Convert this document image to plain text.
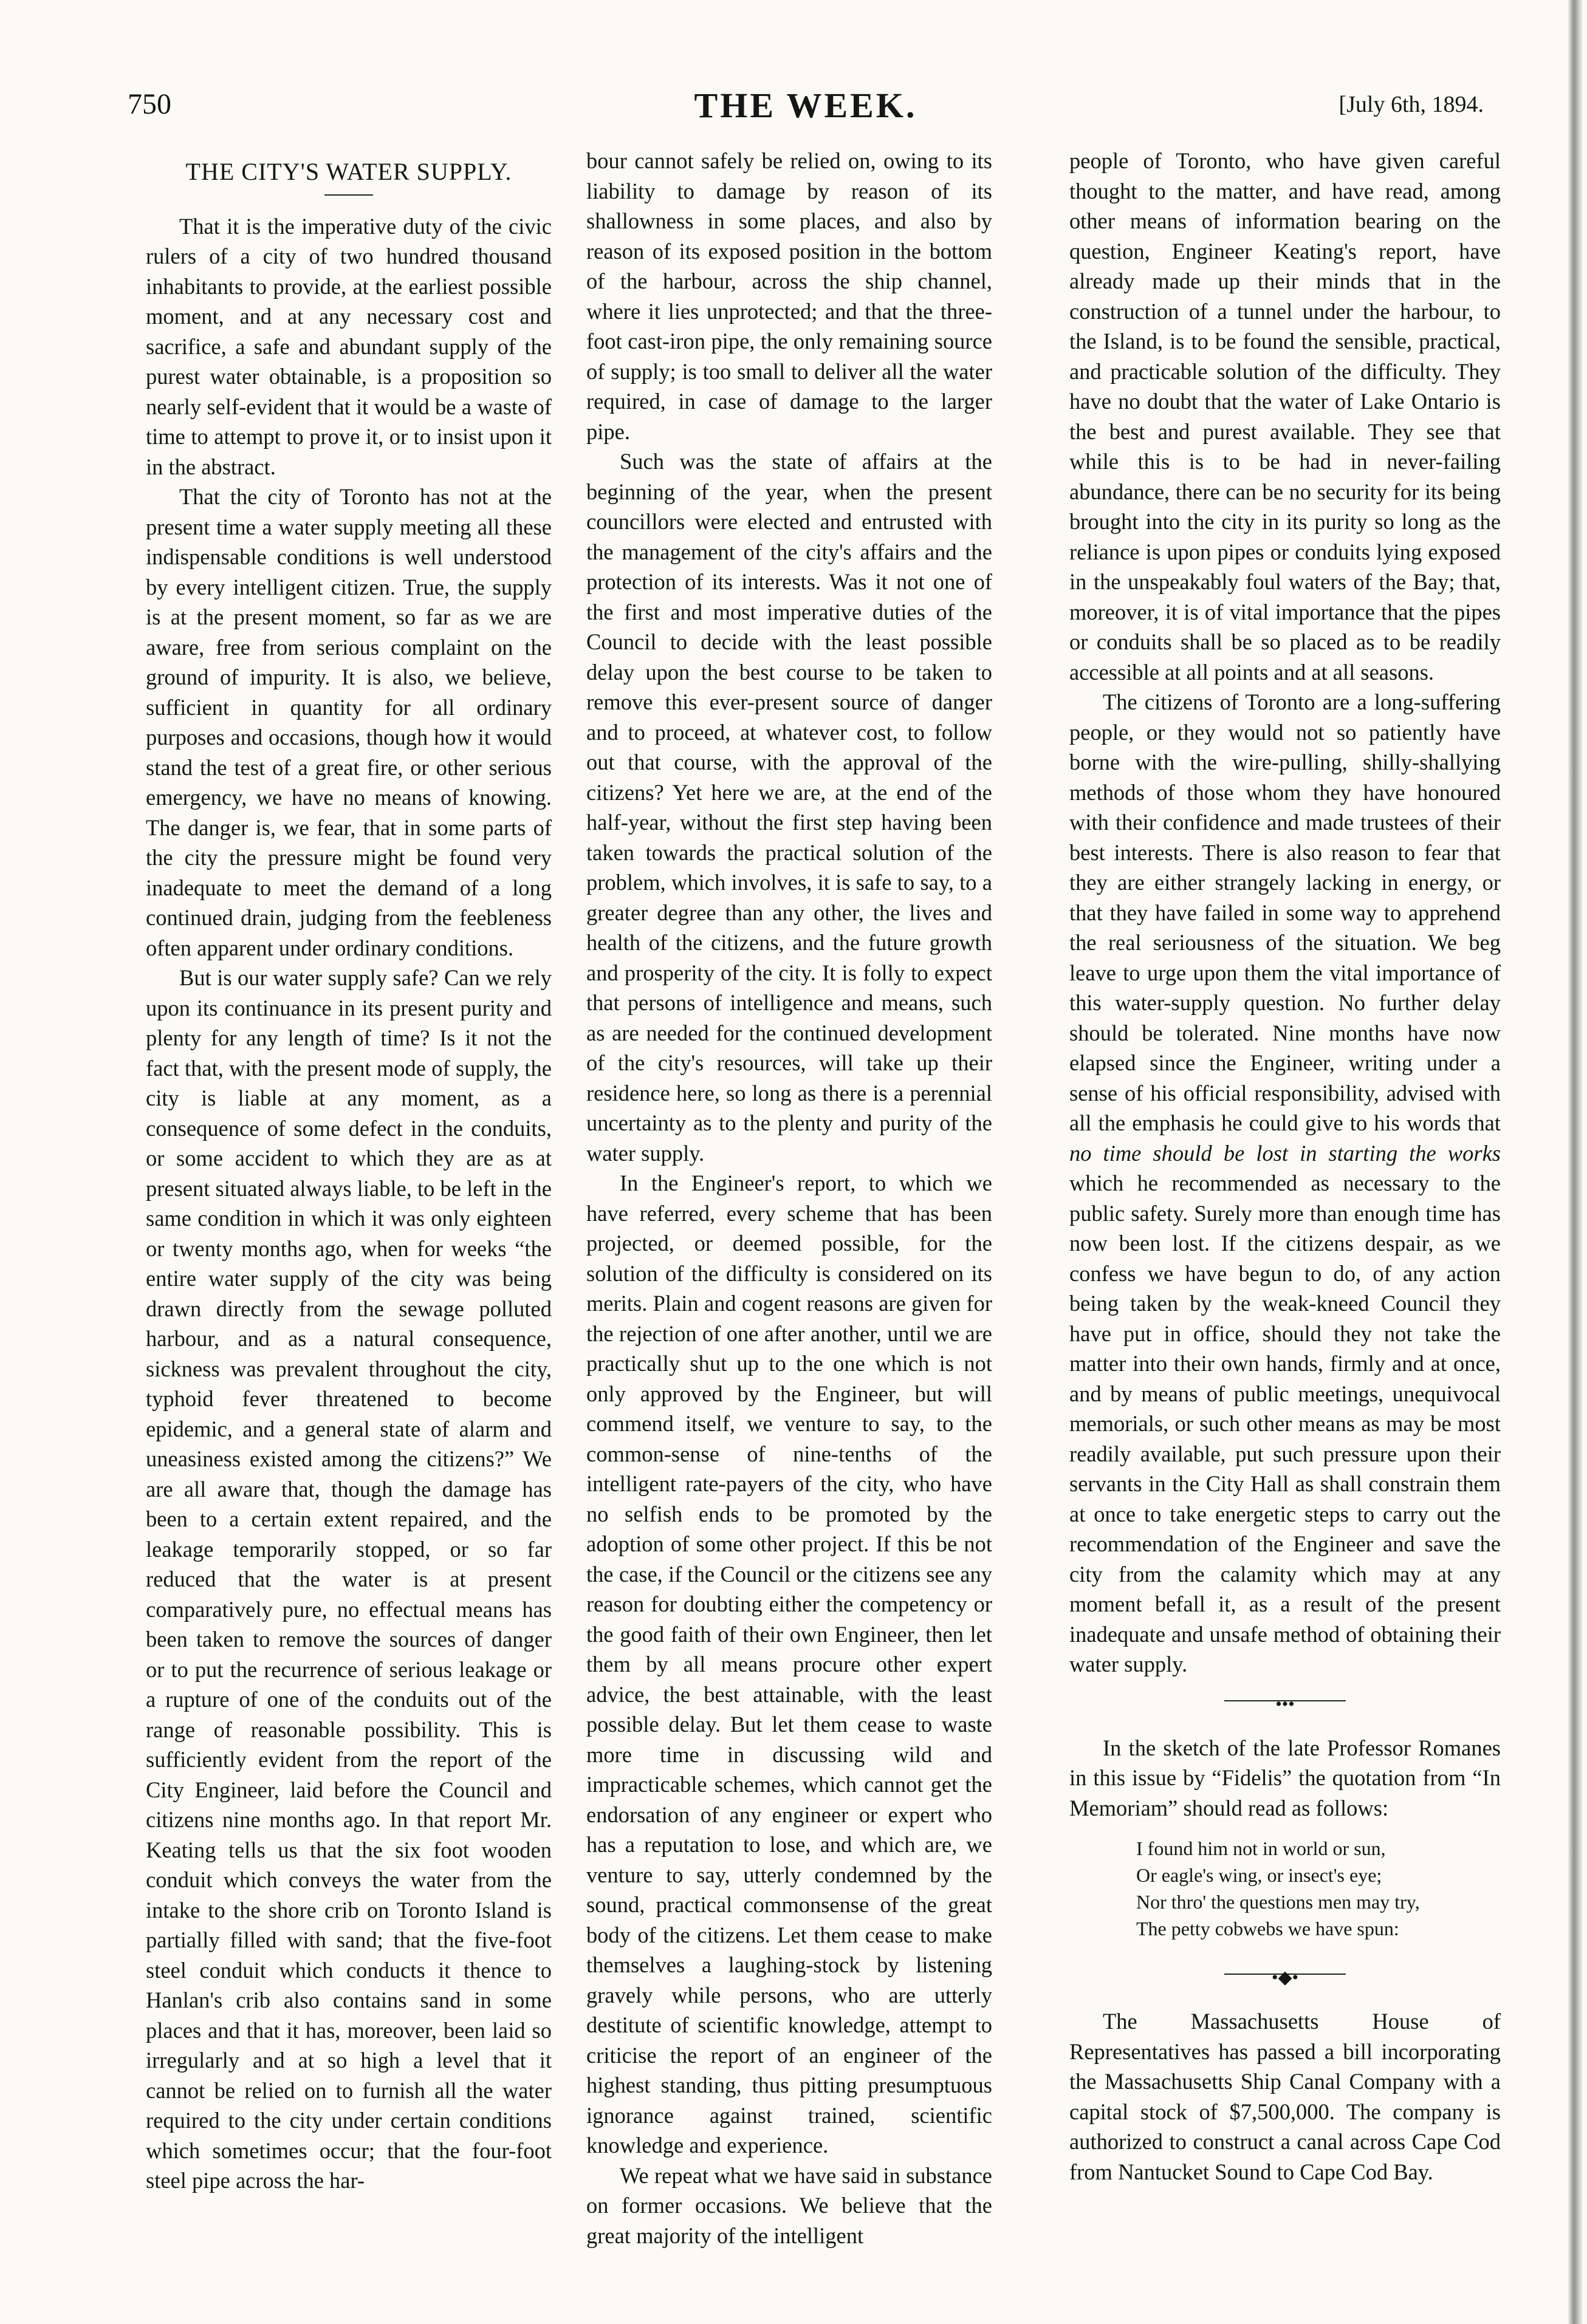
750	THE WEEK.	[July 6th, 1894.
THE CITY'S WATER SUPPLY.

That it is the imperative duty of the civic rulers of a city of two hundred thousand inhabitants to provide, at the earliest possible moment, and at any necessary cost and sacrifice, a safe and abundant supply of the purest water obtainable, is a proposition so nearly self-evident that it would be a waste of time to attempt to prove it, or to insist upon it in the abstract.

That the city of Toronto has not at the present time a water supply meeting all these indispensable conditions is well understood by every intelligent citizen. True, the supply is at the present moment, so far as we are aware, free from serious complaint on the ground of impurity. It is also, we believe, sufficient in quantity for all ordinary purposes and occasions, though how it would stand the test of a great fire, or other serious emergency, we have no means of knowing. The danger is, we fear, that in some parts of the city the pressure might be found very inadequate to meet the demand of a long continued drain, judging from the feebleness often apparent under ordinary conditions.

But is our water supply safe? Can we rely upon its continuance in its present purity and plenty for any length of time? Is it not the fact that, with the present mode of supply, the city is liable at any moment, as a consequence of some defect in the conduits, or some accident to which they are as at present situated always liable, to be left in the same condition in which it was only eighteen or twenty months ago, when for weeks “the entire water supply of the city was being drawn directly from the sewage polluted harbour, and as a natural consequence, sickness was prevalent throughout the city, typhoid fever threatened to become epidemic, and a general state of alarm and uneasiness existed among the citizens?” We are all aware that, though the damage has been to a certain extent repaired, and the leakage temporarily stopped, or so far reduced that the water is at present comparatively pure, no effectual means has been taken to remove the sources of danger or to put the recurrence of serious leakage or a rupture of one of the conduits out of the range of reasonable possibility. This is sufficiently evident from the report of the City Engineer, laid before the Council and citizens nine months ago. In that report Mr. Keating tells us that the six foot wooden conduit which conveys the water from the intake to the shore crib on Toronto Island is partially filled with sand; that the five-foot steel conduit which conducts it thence to Hanlan's crib also contains sand in some places and that it has, moreover, been laid so irregularly and at so high a level that it cannot be relied on to furnish all the water required to the city under certain conditions which sometimes occur; that the four-foot steel pipe across the har-

bour cannot safely be relied on, owing to its liability to damage by reason of its shallowness in some places, and also by reason of its exposed position in the bottom of the harbour, across the ship channel, where it lies unprotected; and that the three-foot cast-iron pipe, the only remaining source of supply; is too small to deliver all the water required, in case of damage to the larger pipe.

Such was the state of affairs at the beginning of the year, when the present councillors were elected and entrusted with the management of the city's affairs and the protection of its interests. Was it not one of the first and most imperative duties of the Council to decide with the least possible delay upon the best course to be taken to remove this ever-present source of danger and to proceed, at whatever cost, to follow out that course, with the approval of the citizens? Yet here we are, at the end of the half-year, without the first step having been taken towards the practical solution of the problem, which involves, it is safe to say, to a greater degree than any other, the lives and health of the citizens, and the future growth and prosperity of the city. It is folly to expect that persons of intelligence and means, such as are needed for the continued development of the city's resources, will take up their residence here, so long as there is a perennial uncertainty as to the plenty and purity of the water supply.

In the Engineer's report, to which we have referred, every scheme that has been projected, or deemed possible, for the solution of the difficulty is considered on its merits. Plain and cogent reasons are given for the rejection of one after another, until we are practically shut up to the one which is not only approved by the Engineer, but will commend itself, we venture to say, to the common-sense of nine-tenths of the intelligent rate-payers of the city, who have no selfish ends to be promoted by the adoption of some other project. If this be not the case, if the Council or the citizens see any reason for doubting either the competency or the good faith of their own Engineer, then let them by all means procure other expert advice, the best attainable, with the least possible delay. But let them cease to waste more time in discussing wild and impracticable schemes, which cannot get the endorsation of any engineer or expert who has a reputation to lose, and which are, we venture to say, utterly condemned by the sound, practical commonsense of the great body of the citizens. Let them cease to make themselves a laughing-stock by listening gravely while persons, who are utterly destitute of scientific knowledge, attempt to criticise the report of an engineer of the highest standing, thus pitting presumptuous ignorance against trained, scientific knowledge and experience.

We repeat what we have said in substance on former occasions. We believe that the great majority of the intelligent

people of Toronto, who have given careful thought to the matter, and have read, among other means of information bearing on the question, Engineer Keating's report, have already made up their minds that in the construction of a tunnel under the harbour, to the Island, is to be found the sensible, practical, and practicable solution of the difficulty. They have no doubt that the water of Lake Ontario is the best and purest available. They see that while this is to be had in never-failing abundance, there can be no security for its being brought into the city in its purity so long as the reliance is upon pipes or conduits lying exposed in the unspeakably foul waters of the Bay; that, moreover, it is of vital importance that the pipes or conduits shall be so placed as to be readily accessible at all points and at all seasons.

The citizens of Toronto are a long-suffering people, or they would not so patiently have borne with the wire-pulling, shilly-shallying methods of those whom they have honoured with their confidence and made trustees of their best interests. There is also reason to fear that they are either strangely lacking in energy, or that they have failed in some way to apprehend the real seriousness of the situation. We beg leave to urge upon them the vital importance of this water-supply question. No further delay should be tolerated. Nine months have now elapsed since the Engineer, writing under a sense of his official responsibility, advised with all the emphasis he could give to his words that no time should be lost in starting the works which he recommended as necessary to the public safety. Surely more than enough time has now been lost. If the citizens despair, as we confess we have begun to do, of any action being taken by the weak-kneed Council they have put in office, should they not take the matter into their own hands, firmly and at once, and by means of public meetings, unequivocal memorials, or such other means as may be most readily available, put such pressure upon their servants in the City Hall as shall constrain them at once to take energetic steps to carry out the recommendation of the Engineer and save the city from the calamity which may at any moment befall it, as a result of the present inadequate and unsafe method of obtaining their water supply.

•••

In the sketch of the late Professor Romanes in this issue by “Fidelis” the quotation from “In Memoriam” should read as follows:

I found him not in world or sun,
Or eagle's wing, or insect's eye;
Nor thro' the questions men may try,
The petty cobwebs we have spun:
•◆•

The Massachusetts House of Representatives has passed a bill incorporating the Massachusetts Ship Canal Company with a capital stock of $7,500,000. The company is authorized to construct a canal across Cape Cod from Nantucket Sound to Cape Cod Bay.
